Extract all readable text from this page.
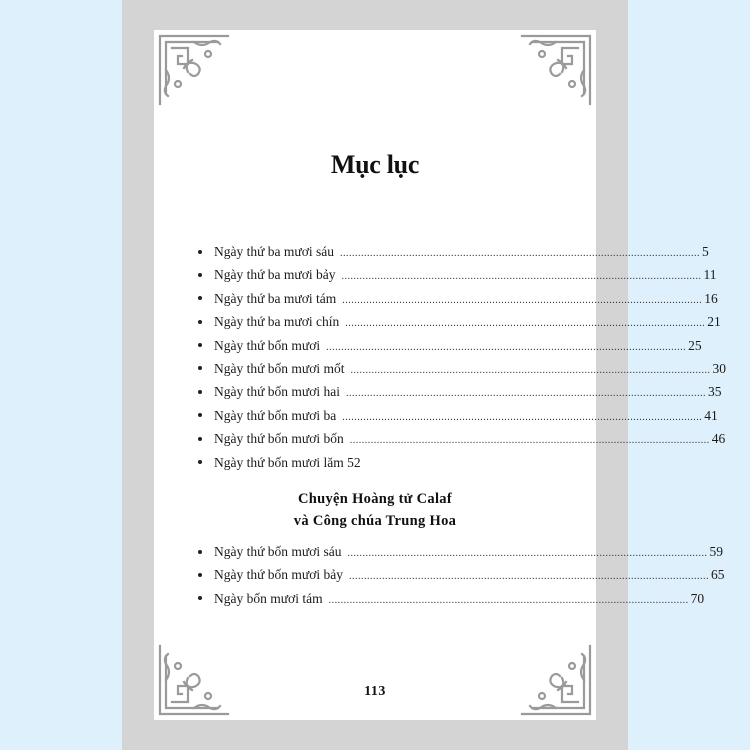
Mục lục
Ngày thứ ba mươi sáu ........................................................................................................................ 5
Ngày thứ ba mươi bảy ........................................................................................................................ 11
Ngày thứ ba mươi tám ........................................................................................................................ 16
Ngày thứ ba mươi chín ........................................................................................................................ 21
Ngày thứ bốn mươi ........................................................................................................................ 25
Ngày thứ bốn mươi mốt ........................................................................................................................ 30
Ngày thứ bốn mươi hai ........................................................................................................................ 35
Ngày thứ bốn mươi ba ........................................................................................................................ 41
Ngày thứ bốn mươi bốn ........................................................................................................................ 46
Ngày thứ bốn mươi lăm 52
Chuyện Hoàng tử Calaf
và Công chúa Trung Hoa
Ngày thứ bốn mươi sáu ........................................................................................................................ 59
Ngày thứ bốn mươi bảy ........................................................................................................................ 65
Ngày bốn mươi tám ........................................................................................................................ 70
113
